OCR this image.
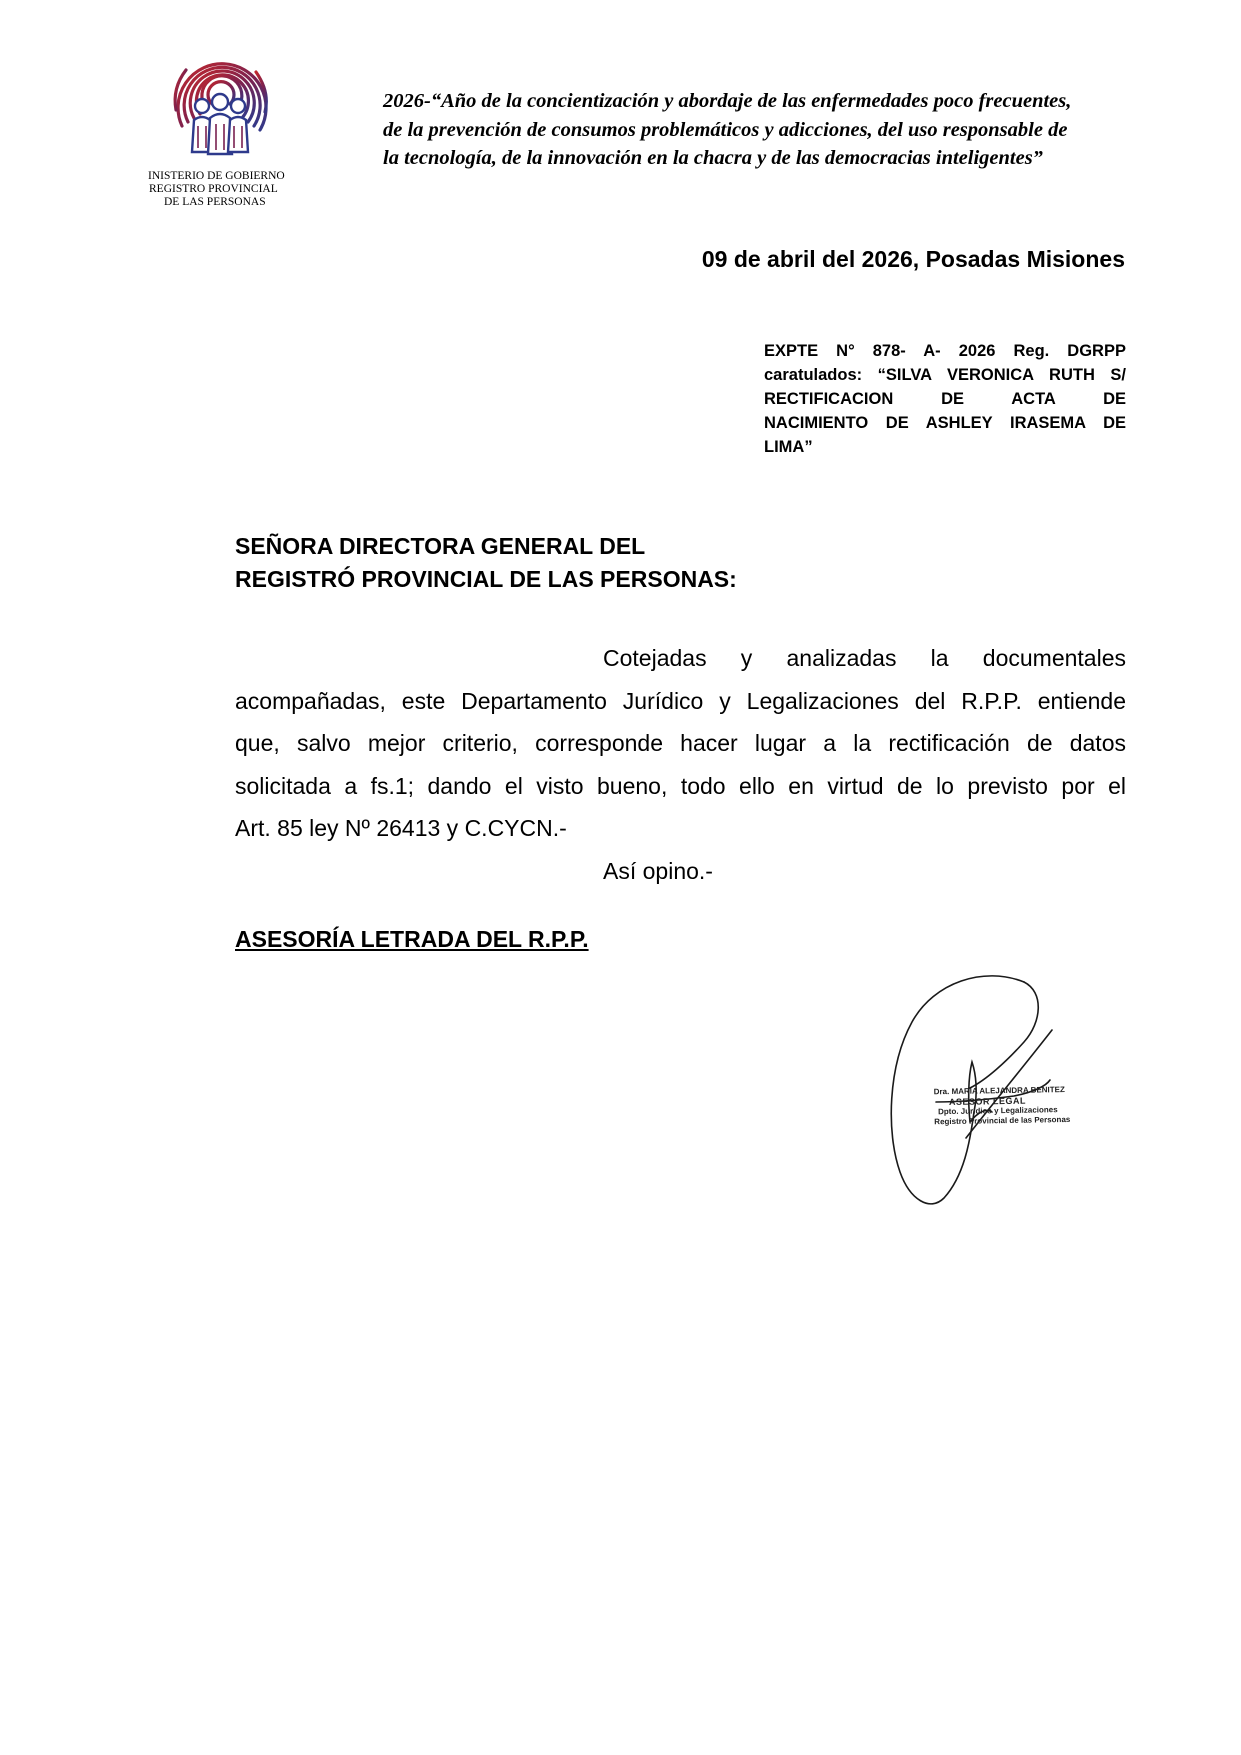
INISTERIO DE GOBIERNO
REGISTRO PROVINCIAL
DE LAS PERSONAS
2026-“Año de la concientización y abordaje de las enfermedades poco frecuentes,
de la prevención de consumos problemáticos y adicciones, del uso responsable de
la tecnología, de la innovación en la chacra y de las democracias inteligentes”
09 de abril del 2026, Posadas Misiones
EXPTE N° 878- A- 2026 Reg. DGRPP
caratulados: “SILVA VERONICA RUTH S/
RECTIFICACION DE ACTA DE
NACIMIENTO DE ASHLEY IRASEMA DE
LIMA”
SEÑORA DIRECTORA GENERAL DEL
REGISTRÓ PROVINCIAL DE LAS PERSONAS:
Cotejadas y analizadas la documentales
acompañadas, este Departamento Jurídico y Legalizaciones del R.P.P. entiende
que, salvo mejor criterio, corresponde hacer lugar a la rectificación de datos
solicitada a fs.1; dando el visto bueno, todo ello en virtud de lo previsto por el
Art. 85 ley Nº 26413 y C.CYCN.-
Así opino.-
ASESORÍA LETRADA DEL R.P.P.
Dra. MARIA ALEJANDRA BENITEZ
ASESOR LEGAL
Dpto. Jurídico y Legalizaciones
Registro Provincial de las Personas
